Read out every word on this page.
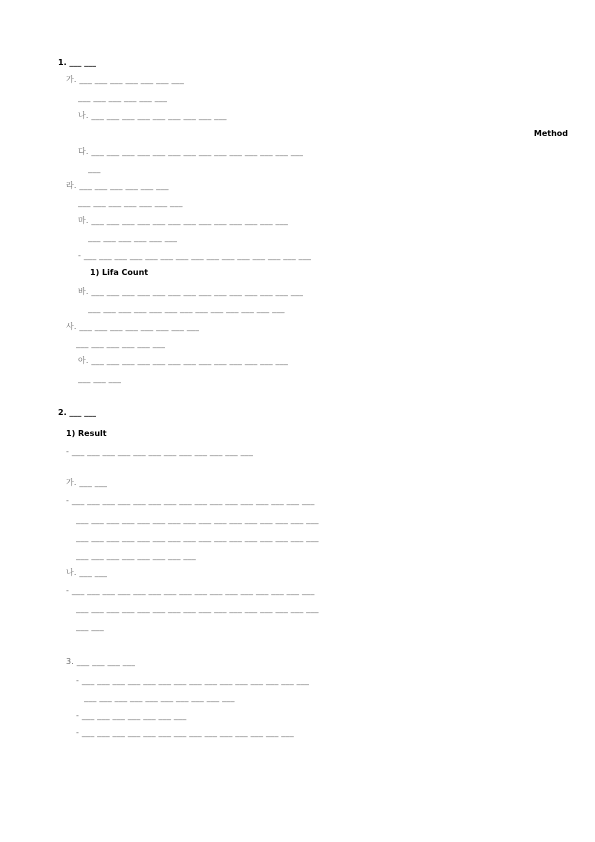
1. ___ ___
가. ___ ___ ___ ___ ___ ___ ___
___ ___ ___ ___ ___ ___
나. ___ ___ ___ ___ ___ ___ ___ ___ ___
Method
다. ___ ___ ___ ___ ___ ___ ___ ___ ___ ___ ___ ___ ___ ___
___
라. ___ ___ ___ ___ ___ ___
___ ___ ___ ___ ___ ___ ___
마. ___ ___ ___ ___ ___ ___ ___ ___ ___ ___ ___ ___ ___
___ ___ ___ ___ ___ ___
- ___ ___ ___ ___ ___ ___ ___ ___ ___ ___ ___ ___ ___ ___ ___
1) Lifa Count
바. ___ ___ ___ ___ ___ ___ ___ ___ ___ ___ ___ ___ ___ ___
___ ___ ___ ___ ___ ___ ___ ___ ___ ___ ___ ___ ___
사. ___ ___ ___ ___ ___ ___ ___ ___
___ ___ ___ ___ ___ ___
아. ___ ___ ___ ___ ___ ___ ___ ___ ___ ___ ___ ___ ___
___ ___ ___
2. ___ ___
1) Result
- ___ ___ ___ ___ ___ ___ ___ ___ ___ ___ ___ ___
가. ___ ___
- ___ ___ ___ ___ ___ ___ ___ ___ ___ ___ ___ ___ ___ ___ ___ ___
___ ___ ___ ___ ___ ___ ___ ___ ___ ___ ___ ___ ___ ___ ___ ___
___ ___ ___ ___ ___ ___ ___ ___ ___ ___ ___ ___ ___ ___ ___ ___
___ ___ ___ ___ ___ ___ ___ ___
나. ___ ___
- ___ ___ ___ ___ ___ ___ ___ ___ ___ ___ ___ ___ ___ ___ ___ ___
___ ___ ___ ___ ___ ___ ___ ___ ___ ___ ___ ___ ___ ___ ___ ___
___ ___
3. ___ ___ ___ ___
- ___ ___ ___ ___ ___ ___ ___ ___ ___ ___ ___ ___ ___ ___ ___
___ ___ ___ ___ ___ ___ ___ ___ ___ ___
- ___ ___ ___ ___ ___ ___ ___
- ___ ___ ___ ___ ___ ___ ___ ___ ___ ___ ___ ___ ___ ___
